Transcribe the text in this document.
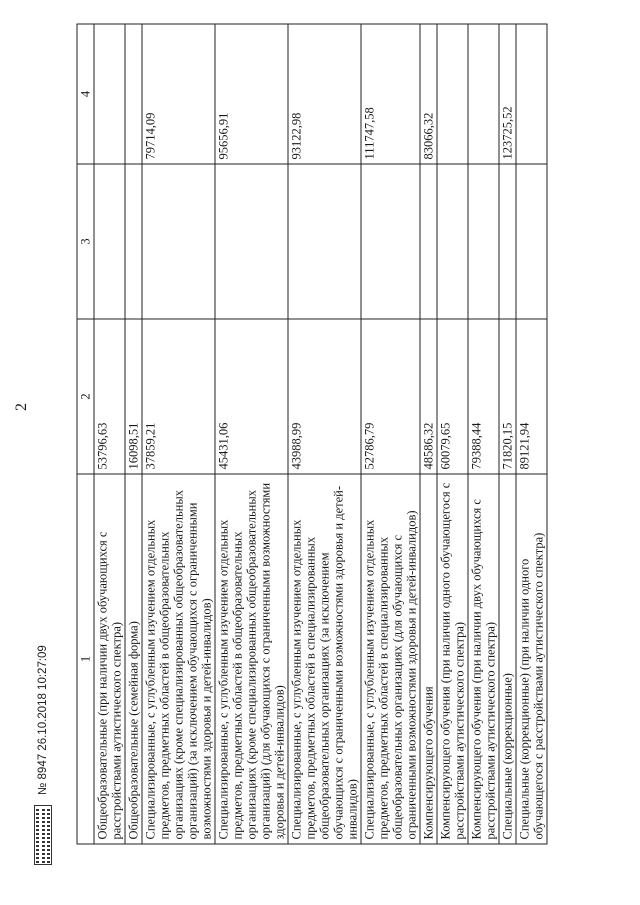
2
1	2	3	4
Общеобразовательные (при наличии двух обучающихся с расстройствами аутистического спектра)	53796,63		
Общеобразовательные (семейная форма)	16098,51		
Специализированные, с углубленным изучением отдельных предметов, предметных областей в общеобразовательных организациях (кроме специализированных общеобразовательных организаций) (за исключением обучающихся с ограниченными возможностями здоровья и детей-инвалидов)	37859,21		79714,09
Специализированные, с углубленным изучением отдельных предметов, предметных областей в общеобразовательных организациях (кроме специализированных общеобразовательных организаций) (для обучающихся с ограниченными возможностями здоровья и детей-инвалидов)	45431,06		95656,91
Специализированные, с углубленным изучением отдельных предметов, предметных областей в специализированных общеобразовательных организациях (за исключением обучающихся с ограниченными возможностями здоровья и детей-инвалидов)	43988,99		93122,98
Специализированные, с углубленным изучением отдельных предметов, предметных областей в специализированных общеобразовательных организациях (для обучающихся с ограниченными возможностями здоровья и детей-инвалидов)	52786,79		111747,58
Компенсирующего обучения	48586,32		83066,32
Компенсирующего обучения (при наличии одного обучающегося с расстройствами аутистического спектра)	60079,65		
Компенсирующего обучения (при наличии двух обучающихся с расстройствами аутистического спектра)	79388,44		
Специальные (коррекционные)	71820,15		123725,52
Специальные (коррекционные) (при наличии одного обучающегося с расстройствами аутистического спектра)	89121,94		
№ 8947 26.10.2018 10:27:09
